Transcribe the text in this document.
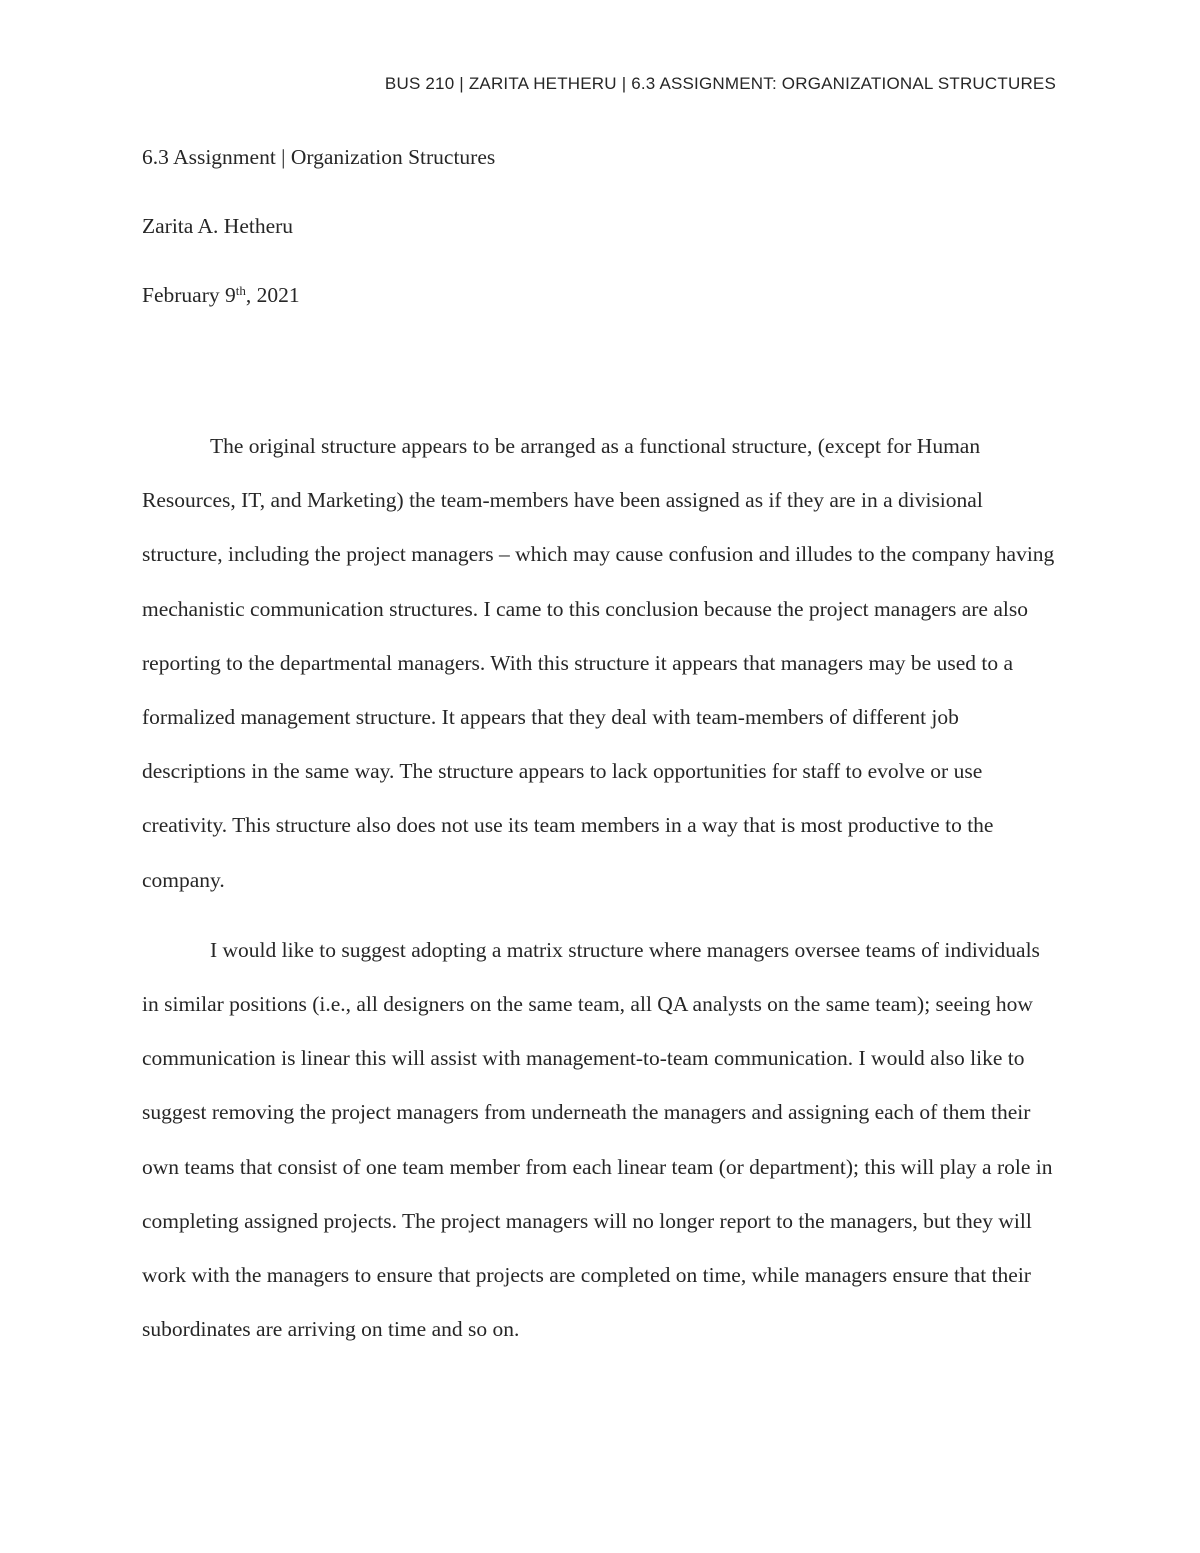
BUS 210 | ZARITA HETHERU | 6.3 ASSIGNMENT: ORGANIZATIONAL STRUCTURES
6.3 Assignment | Organization Structures
Zarita A. Hetheru
February 9th, 2021

The original structure appears to be arranged as a functional structure, (except for Human Resources, IT, and Marketing) the team-members have been assigned as if they are in a divisional structure, including the project managers – which may cause confusion and illudes to the company having mechanistic communication structures. I came to this conclusion because the project managers are also reporting to the departmental managers. With this structure it appears that managers may be used to a formalized management structure. It appears that they deal with team-members of different job descriptions in the same way. The structure appears to lack opportunities for staff to evolve or use creativity. This structure also does not use its team members in a way that is most productive to the company.

I would like to suggest adopting a matrix structure where managers oversee teams of individuals in similar positions (i.e., all designers on the same team, all QA analysts on the same team); seeing how communication is linear this will assist with management-to-team communication. I would also like to suggest removing the project managers from underneath the managers and assigning each of them their own teams that consist of one team member from each linear team (or department); this will play a role in completing assigned projects. The project managers will no longer report to the managers, but they will work with the managers to ensure that projects are completed on time, while managers ensure that their subordinates are arriving on time and so on.
